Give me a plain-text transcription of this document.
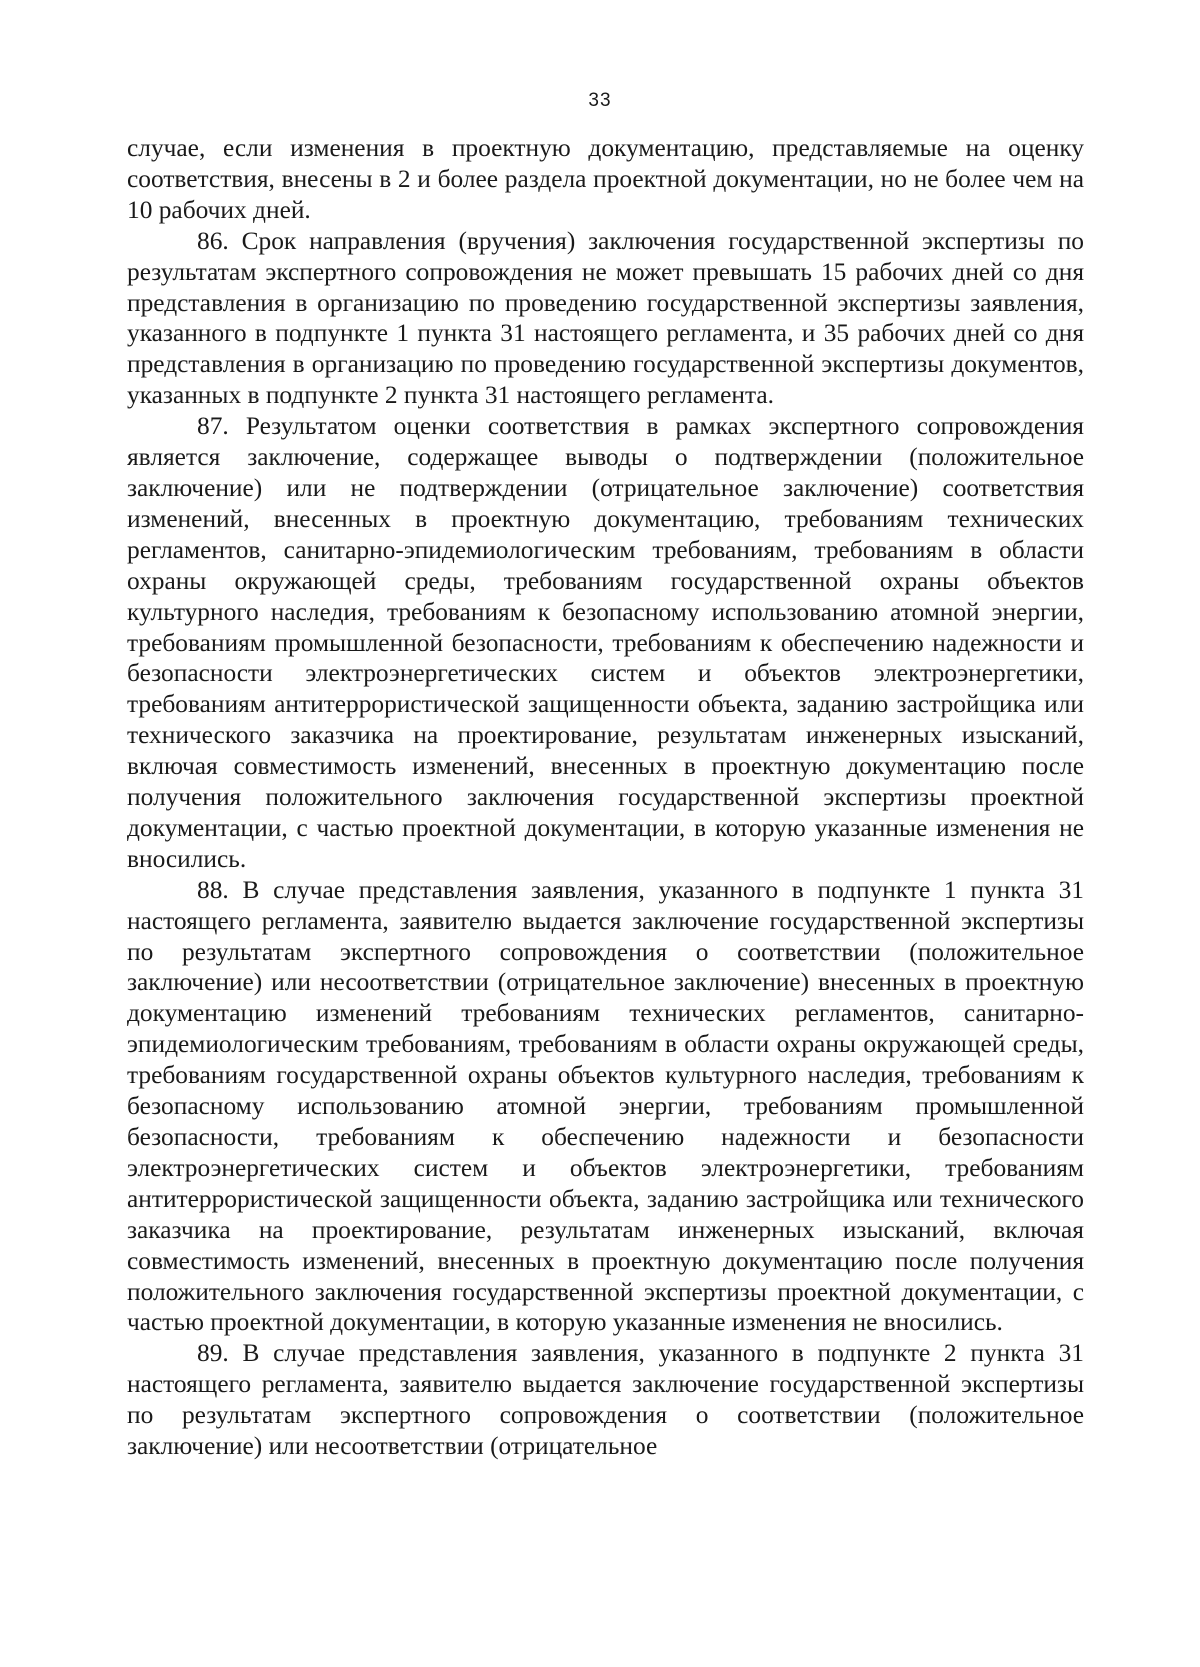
33

случае, если изменения в проектную документацию, представляемые на оценку соответствия, внесены в 2 и более раздела проектной документации, но не более чем на 10 рабочих дней.

86. Срок направления (вручения) заключения государственной экспертизы по результатам экспертного сопровождения не может превышать 15 рабочих дней со дня представления в организацию по проведению государственной экспертизы заявления, указанного в подпункте 1 пункта 31 настоящего регламента, и 35 рабочих дней со дня представления в организацию по проведению государственной экспертизы документов, указанных в подпункте 2 пункта 31 настоящего регламента.

87. Результатом оценки соответствия в рамках экспертного сопровождения является заключение, содержащее выводы о подтверждении (положительное заключение) или не подтверждении (отрицательное заключение) соответствия изменений, внесенных в проектную документацию, требованиям технических регламентов, санитарно-эпидемиологическим требованиям, требованиям в области охраны окружающей среды, требованиям государственной охраны объектов культурного наследия, требованиям к безопасному использованию атомной энергии, требованиям промышленной безопасности, требованиям к обеспечению надежности и безопасности электроэнергетических систем и объектов электроэнергетики, требованиям антитеррористической защищенности объекта, заданию застройщика или технического заказчика на проектирование, результатам инженерных изысканий, включая совместимость изменений, внесенных в проектную документацию после получения положительного заключения государственной экспертизы проектной документации, с частью проектной документации, в которую указанные изменения не вносились.

88. В случае представления заявления, указанного в подпункте 1 пункта 31 настоящего регламента, заявителю выдается заключение государственной экспертизы по результатам экспертного сопровождения о соответствии (положительное заключение) или несоответствии (отрицательное заключение) внесенных в проектную документацию изменений требованиям технических регламентов, санитарно-эпидемиологическим требованиям, требованиям в области охраны окружающей среды, требованиям государственной охраны объектов культурного наследия, требованиям к безопасному использованию атомной энергии, требованиям промышленной безопасности, требованиям к обеспечению надежности и безопасности электроэнергетических систем и объектов электроэнергетики, требованиям антитеррористической защищенности объекта, заданию застройщика или технического заказчика на проектирование, результатам инженерных изысканий, включая совместимость изменений, внесенных в проектную документацию после получения положительного заключения государственной экспертизы проектной документации, с частью проектной документации, в которую указанные изменения не вносились.

89. В случае представления заявления, указанного в подпункте 2 пункта 31 настоящего регламента, заявителю выдается заключение государственной экспертизы по результатам экспертного сопровождения о соответствии (положительное заключение) или несоответствии (отрицательное
